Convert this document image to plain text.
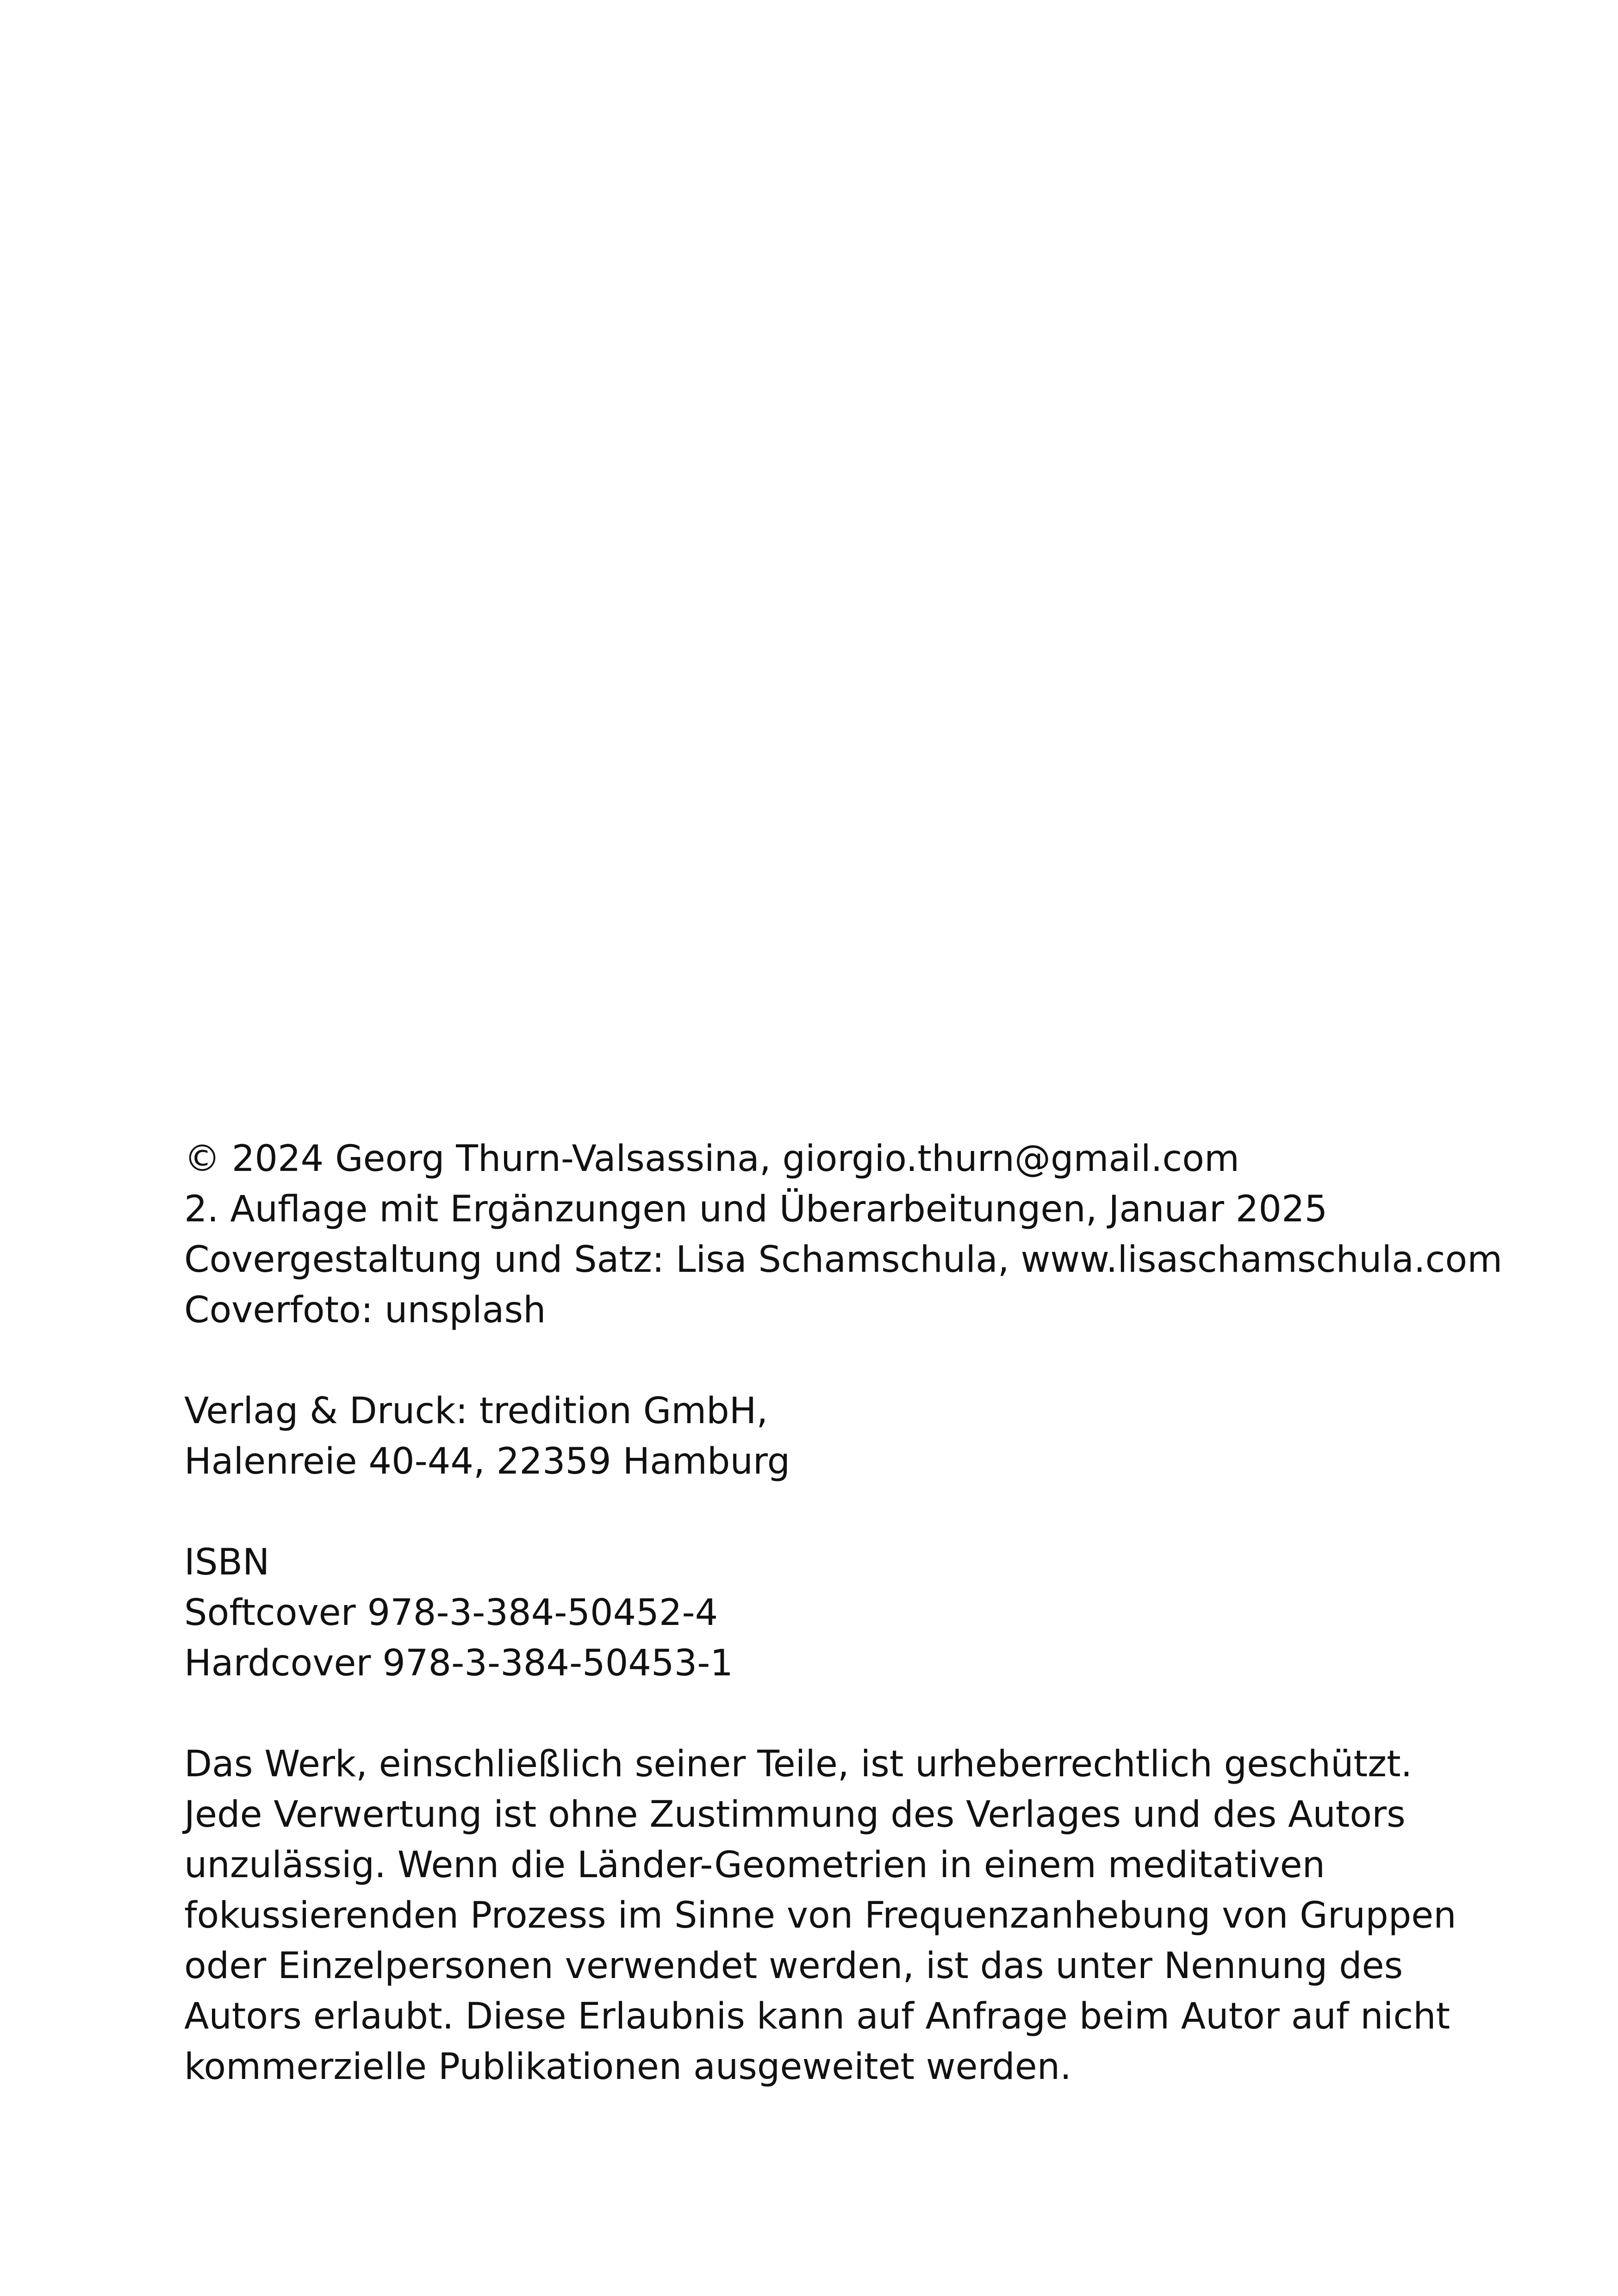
© 2024 Georg Thurn-Valsassina, giorgio.thurn@gmail.com
2. Auflage mit Ergänzungen und Überarbeitungen, Januar 2025
Covergestaltung und Satz: Lisa Schamschula, www.lisaschamschula.com
Coverfoto: unsplash
Verlag & Druck: tredition GmbH,
Halenreie 40-44, 22359 Hamburg
ISBN
Softcover 978-3-384-50452-4
Hardcover 978-3-384-50453-1
Das Werk, einschließlich seiner Teile, ist urheberrechtlich geschützt.
Jede Verwertung ist ohne Zustimmung des Verlages und des Autors
unzulässig. Wenn die Länder-Geometrien in einem meditativen
fokussierenden Prozess im Sinne von Frequenzanhebung von Gruppen
oder Einzelpersonen verwendet werden, ist das unter Nennung des
Autors erlaubt. Diese Erlaubnis kann auf Anfrage beim Autor auf nicht
kommerzielle Publikationen ausgeweitet werden.
